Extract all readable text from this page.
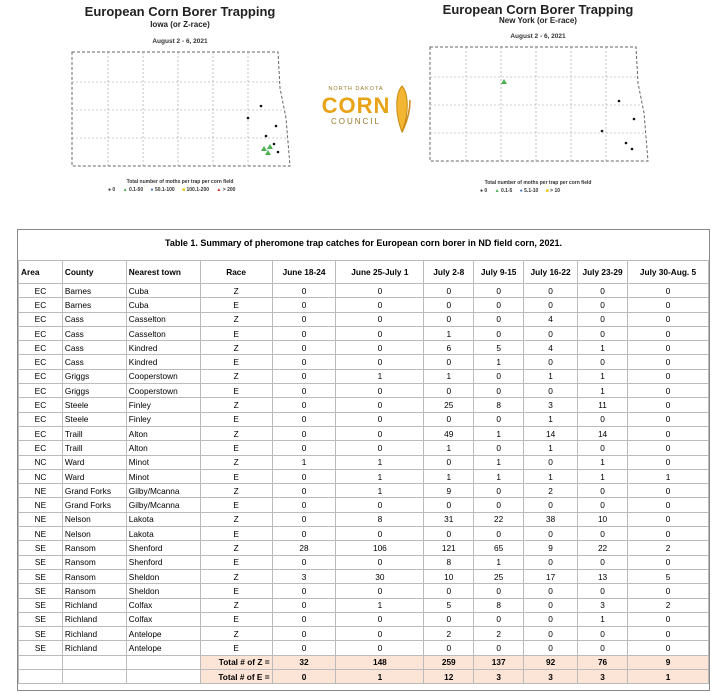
European Corn Borer Trapping
Iowa (or Z-race)
August 2 - 6, 2021
Total number of moths per trap per corn field
● 0 ▲ 0.1-50 ● 50.1-100 ■ 100.1-200 ▲ > 200
NORTH DAKOTA
CORN
COUNCIL
European Corn Borer Trapping
New York (or E-race)
August 2 - 6, 2021
Total number of moths per trap per corn field
● 0 ▲ 0.1-5 ● 5.1-10 ■ > 10
Table 1. Summary of pheromone trap catches for European corn borer in ND field corn, 2021.
Area	County	Nearest town	Race	June 18-24	June 25-July 1	July 2-8	July 9-15	July 16-22	July 23-29	July 30-Aug. 5
EC	Barnes	Cuba	Z	0	0	0	0	0	0	0
EC	Barnes	Cuba	E	0	0	0	0	0	0	0
EC	Cass	Casselton	Z	0	0	0	0	4	0	0
EC	Cass	Casselton	E	0	0	1	0	0	0	0
EC	Cass	Kindred	Z	0	0	6	5	4	1	0
EC	Cass	Kindred	E	0	0	0	1	0	0	0
EC	Griggs	Cooperstown	Z	0	1	1	0	1	1	0
EC	Griggs	Cooperstown	E	0	0	0	0	0	1	0
EC	Steele	Finley	Z	0	0	25	8	3	11	0
EC	Steele	Finley	E	0	0	0	0	1	0	0
EC	Traill	Alton	Z	0	0	49	1	14	14	0
EC	Traill	Alton	E	0	0	1	0	1	0	0
NC	Ward	Minot	Z	1	1	0	1	0	1	0
NC	Ward	Minot	E	0	1	1	1	1	1	1
NE	Grand Forks	Gilby/Mcanna	Z	0	1	9	0	2	0	0
NE	Grand Forks	Gilby/Mcanna	E	0	0	0	0	0	0	0
NE	Nelson	Lakota	Z	0	8	31	22	38	10	0
NE	Nelson	Lakota	E	0	0	0	0	0	0	0
SE	Ransom	Shenford	Z	28	106	121	65	9	22	2
SE	Ransom	Shenford	E	0	0	8	1	0	0	0
SE	Ransom	Sheldon	Z	3	30	10	25	17	13	5
SE	Ransom	Sheldon	E	0	0	0	0	0	0	0
SE	Richland	Colfax	Z	0	1	5	8	0	3	2
SE	Richland	Colfax	E	0	0	0	0	0	1	0
SE	Richland	Antelope	Z	0	0	2	2	0	0	0
SE	Richland	Antelope	E	0	0	0	0	0	0	0
			Total # of Z =	32	148	259	137	92	76	9
			Total # of E =	0	1	12	3	3	3	1
